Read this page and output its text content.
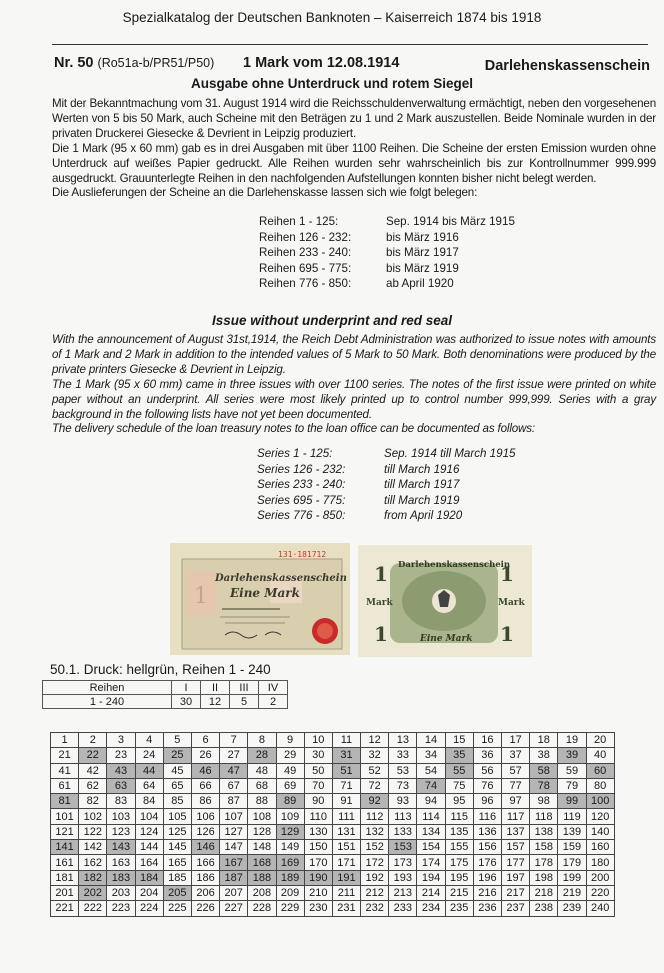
Spezialkatalog der Deutschen Banknoten – Kaiserreich 1874 bis 1918
Nr. 50 (Ro51a-b/PR51/P50) 1 Mark vom 12.08.1914	Darlehenskassenschein
Ausgabe ohne Unterdruck und rotem Siegel
Mit der Bekanntmachung vom 31. August 1914 wird die Reichsschuldenverwaltung ermächtigt, neben den vorgesehenen Werten von 5 bis 50 Mark, auch Scheine mit den Beträgen zu 1 und 2 Mark auszustellen. Beide Nominale wurden in der privaten Druckerei Giesecke & Devrient in Leipzig produziert.
Die 1 Mark (95 x 60 mm) gab es in drei Ausgaben mit über 1100 Reihen. Die Scheine der ersten Emission wurden ohne Unterdruck auf weißes Papier gedruckt. Alle Reihen wurden sehr wahrscheinlich bis zur Kontrollnummer 999.999 ausgedruckt. Grauunterlegte Reihen in den nachfolgenden Aufstellungen konnten bisher nicht belegt werden.
Die Auslieferungen der Scheine an die Darlehenskasse lassen sich wie folgt belegen:
Reihen 1 - 125:	Sep. 1914 bis März 1915
Reihen 126 - 232:	bis März 1916
Reihen 233 - 240:	bis März 1917
Reihen 695 - 775:	bis März 1919
Reihen 776 - 850:	ab April 1920
Issue without underprint and red seal
With the announcement of August 31st,1914, the Reich Debt Administration was authorized to issue notes with amounts of 1 Mark and 2 Mark in addition to the intended values of 5 Mark to 50 Mark. Both denominations were produced by the private printers Giesecke & Devrient in Leipzig.
The 1 Mark (95 x 60 mm) came in three issues with over 1100 series. The notes of the first issue were printed on white paper without an underprint. All series were most likely printed up to control number 999,999. Series with a gray background in the following lists have not yet been documented.
The delivery schedule of the loan treasury notes to the loan office can be documented as follows:
Series 1 - 125:	Sep. 1914 till March 1915
Series 126 - 232:	till March 1916
Series 233 - 240:	till March 1917
Series 695 - 775:	till March 1919
Series 776 - 850:	from April 1920
1
Darlehenskassenschein
Eine Mark
131·181712
1	1
1	1
Mark	Mark
Darlehenskassenschein
Eine Mark
50.1. Druck: hellgrün, Reihen 1 - 240
Reihen	I	II	III	IV
1 - 240	30	12	5	2
1	2	3	4	5	6	7	8	9	10	11	12	13	14	15	16	17	18	19	20
21	22	23	24	25	26	27	28	29	30	31	32	33	34	35	36	37	38	39	40
41	42	43	44	45	46	47	48	49	50	51	52	53	54	55	56	57	58	59	60
61	62	63	64	65	66	67	68	69	70	71	72	73	74	75	76	77	78	79	80
81	82	83	84	85	86	87	88	89	90	91	92	93	94	95	96	97	98	99	100
101	102	103	104	105	106	107	108	109	110	111	112	113	114	115	116	117	118	119	120
121	122	123	124	125	126	127	128	129	130	131	132	133	134	135	136	137	138	139	140
141	142	143	144	145	146	147	148	149	150	151	152	153	154	155	156	157	158	159	160
161	162	163	164	165	166	167	168	169	170	171	172	173	174	175	176	177	178	179	180
181	182	183	184	185	186	187	188	189	190	191	192	193	194	195	196	197	198	199	200
201	202	203	204	205	206	207	208	209	210	211	212	213	214	215	216	217	218	219	220
221	222	223	224	225	226	227	228	229	230	231	232	233	234	235	236	237	238	239	240
